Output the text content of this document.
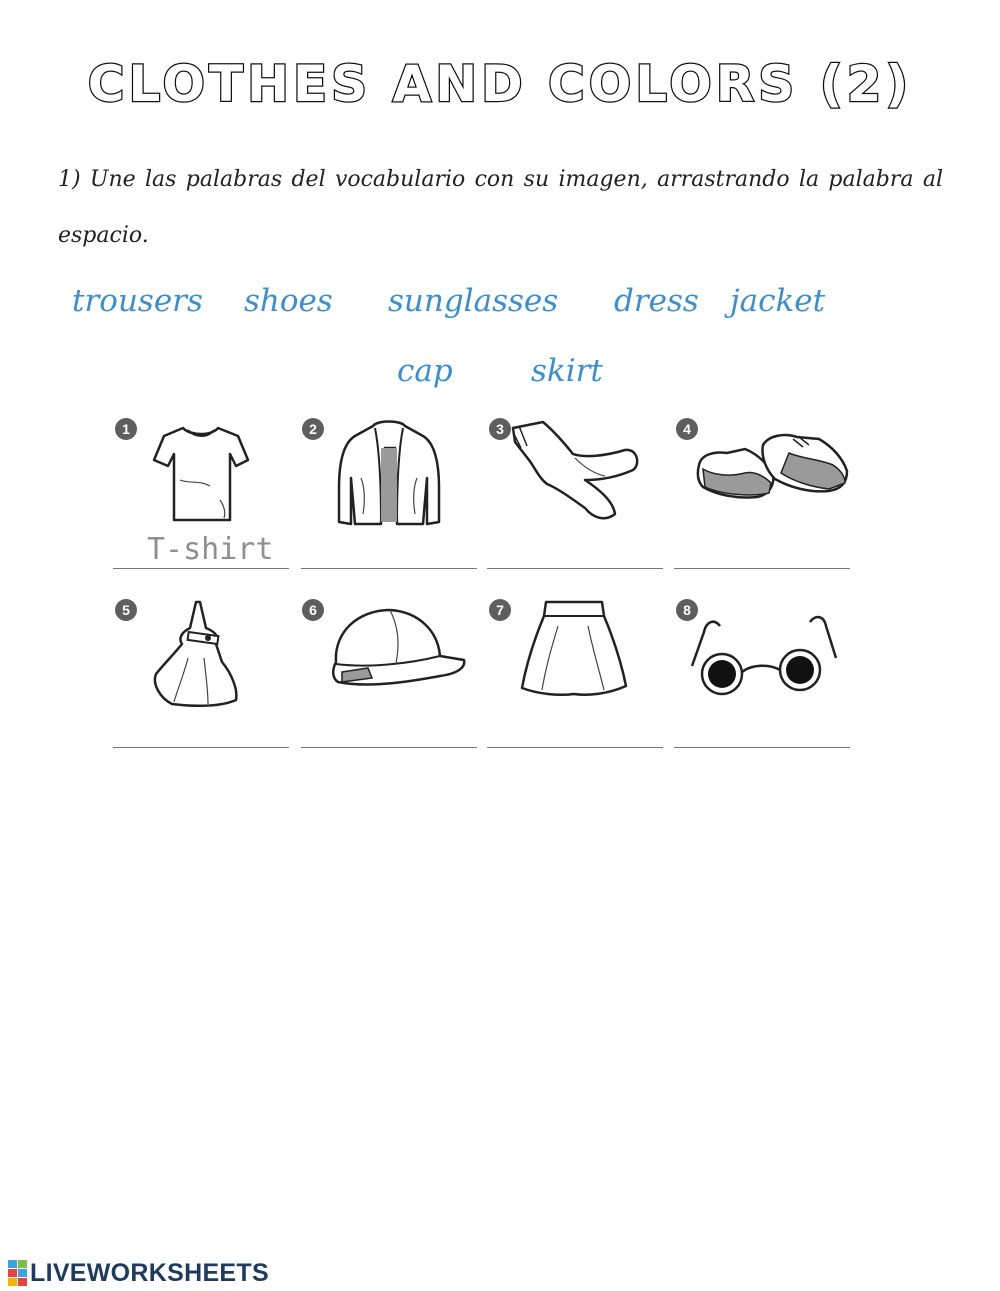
CLOTHES AND COLORS (2)
1) Une las palabras del vocabulario con su imagen, arrastrando la palabra al espacio.
trousers shoes sunglasses dress jacket
cap	skirt
1	2	3	4
T-shirt
5	6	7	8
LIVEWORKSHEETS
